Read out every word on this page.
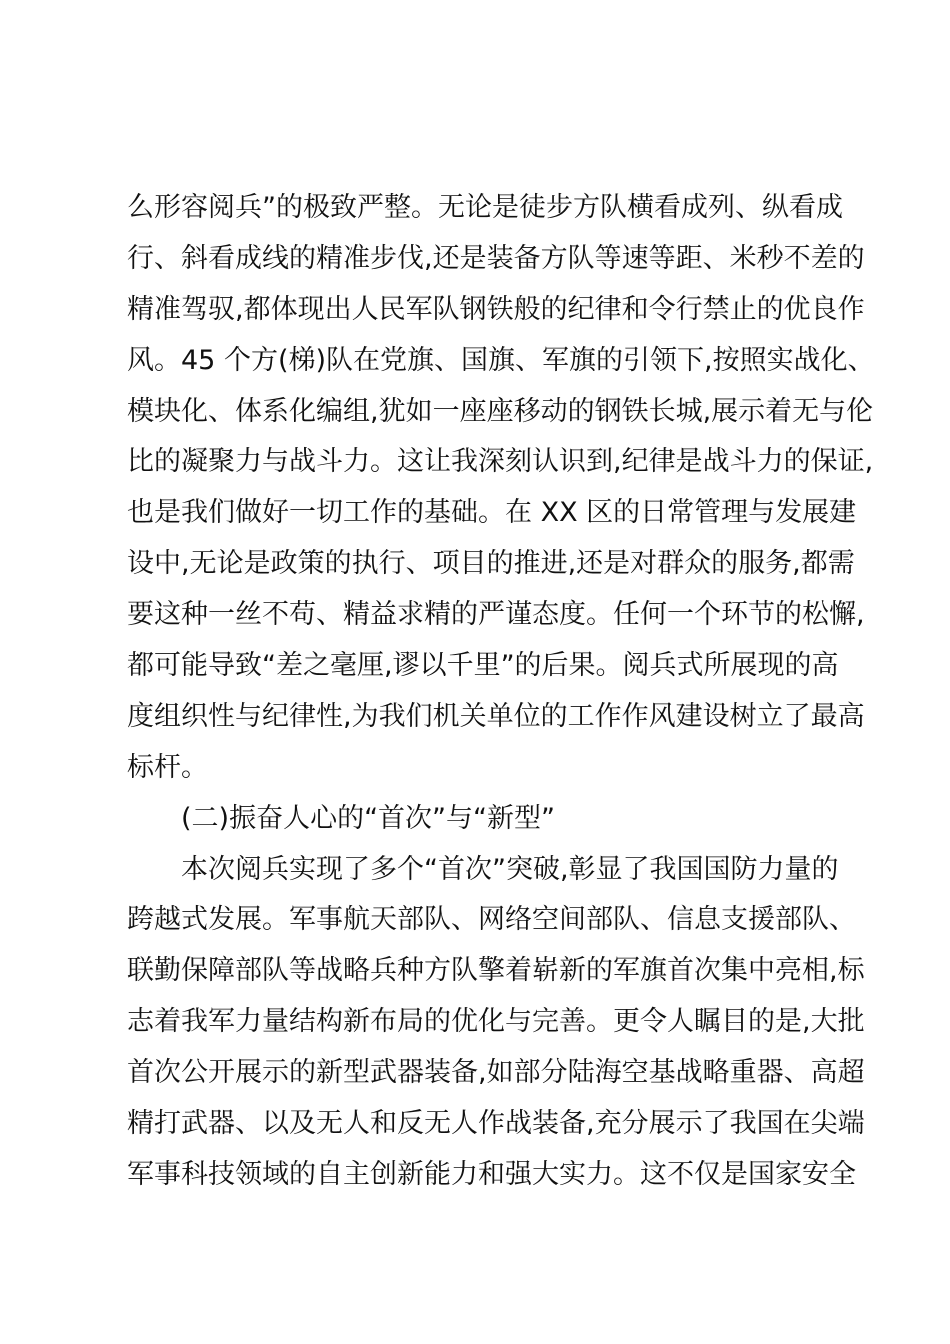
么形容阅兵”的极致严整。无论是徒步方队横看成列、纵看成
行、斜看成线的精准步伐,还是装备方队等速等距、米秒不差的
精准驾驭,都体现出人民军队钢铁般的纪律和令行禁止的优良作
风。45 个方(梯)队在党旗、国旗、军旗的引领下,按照实战化、
模块化、体系化编组,犹如一座座移动的钢铁长城,展示着无与伦
比的凝聚力与战斗力。这让我深刻认识到,纪律是战斗力的保证,
也是我们做好一切工作的基础。在 XX 区的日常管理与发展建
设中,无论是政策的执行、项目的推进,还是对群众的服务,都需
要这种一丝不苟、精益求精的严谨态度。任何一个环节的松懈,
都可能导致“差之毫厘,谬以千里”的后果。阅兵式所展现的高
度组织性与纪律性,为我们机关单位的工作作风建设树立了最高
标杆。
(二)振奋人心的“首次”与“新型”
本次阅兵实现了多个“首次”突破,彰显了我国国防力量的
跨越式发展。军事航天部队、网络空间部队、信息支援部队、
联勤保障部队等战略兵种方队擎着崭新的军旗首次集中亮相,标
志着我军力量结构新布局的优化与完善。更令人瞩目的是,大批
首次公开展示的新型武器装备,如部分陆海空基战略重器、高超
精打武器、以及无人和反无人作战装备,充分展示了我国在尖端
军事科技领域的自主创新能力和强大实力。这不仅是国家安全
